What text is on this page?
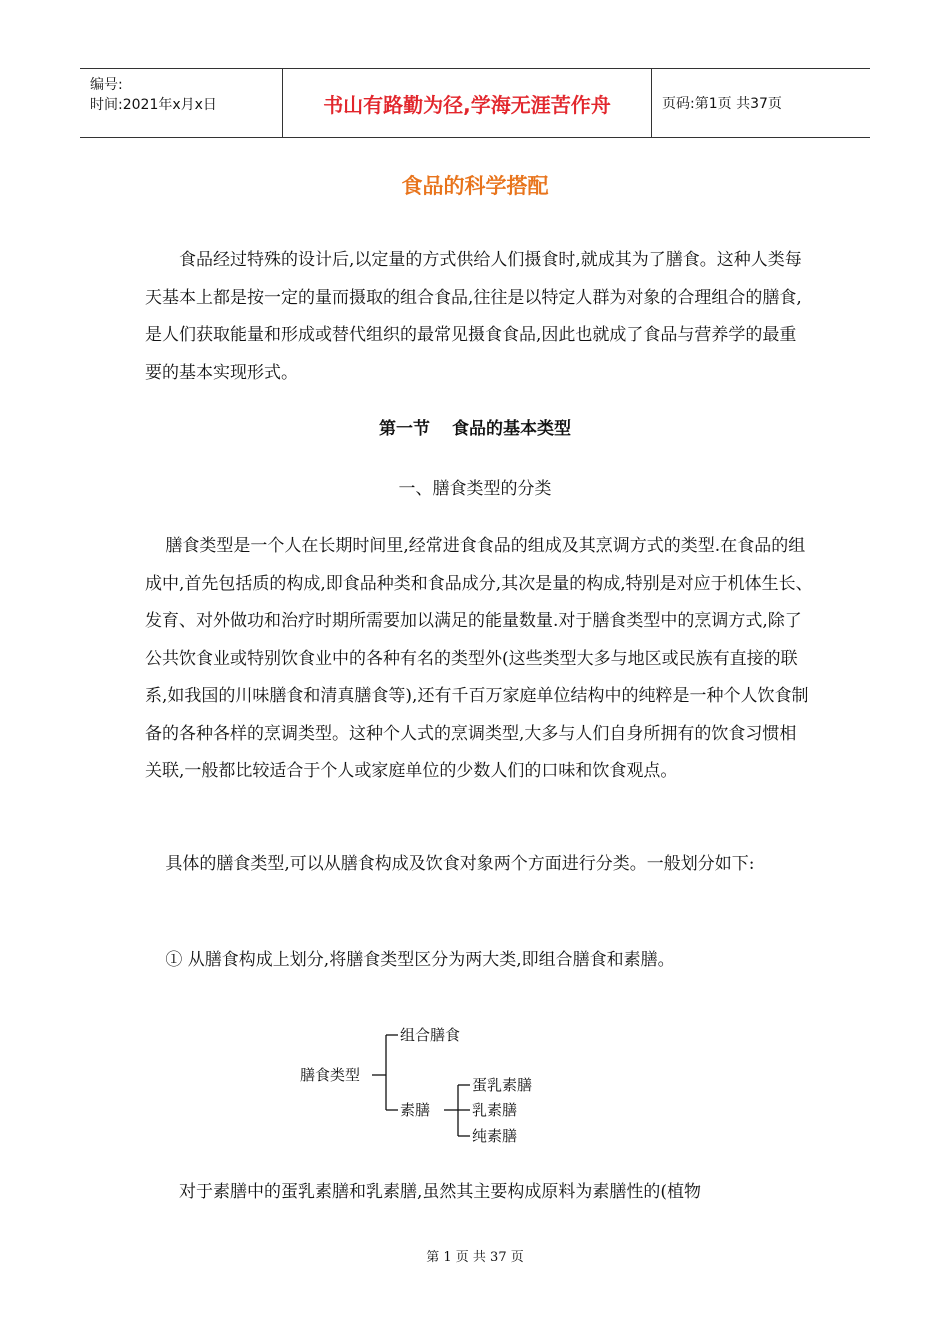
编号:
时间:2021年x月x日	书山有路勤为径,学海无涯苦作舟	页码:第1页 共37页
食品的科学搭配

食品经过特殊的设计后,以定量的方式供给人们摄食时,就成其为了膳食。这种人类每天基本上都是按一定的量而摄取的组合食品,往往是以特定人群为对象的合理组合的膳食,是人们获取能量和形成或替代组织的最常见摄食食品,因此也就成了食品与营养学的最重要的基本实现形式。

第一节 食品的基本类型
一、膳食类型的分类

膳食类型是一个人在长期时间里,经常进食食品的组成及其烹调方式的类型.在食品的组成中,首先包括质的构成,即食品种类和食品成分,其次是量的构成,特别是对应于机体生长、发育、对外做功和治疗时期所需要加以满足的能量数量.对于膳食类型中的烹调方式,除了公共饮食业或特别饮食业中的各种有名的类型外(这些类型大多与地区或民族有直接的联系,如我国的川味膳食和清真膳食等),还有千百万家庭单位结构中的纯粹是一种个人饮食制备的各种各样的烹调类型。这种个人式的烹调类型,大多与人们自身所拥有的饮食习惯相关联,一般都比较适合于个人或家庭单位的少数人们的口味和饮食观点。

具体的膳食类型,可以从膳食构成及饮食对象两个方面进行分类。一般划分如下:

① 从膳食构成上划分,将膳食类型区分为两大类,即组合膳食和素膳。

膳食类型
组合膳食
素膳
蛋乳素膳
乳素膳
纯素膳

对于素膳中的蛋乳素膳和乳素膳,虽然其主要构成原料为素膳性的(植物

第 1 页 共 37 页
